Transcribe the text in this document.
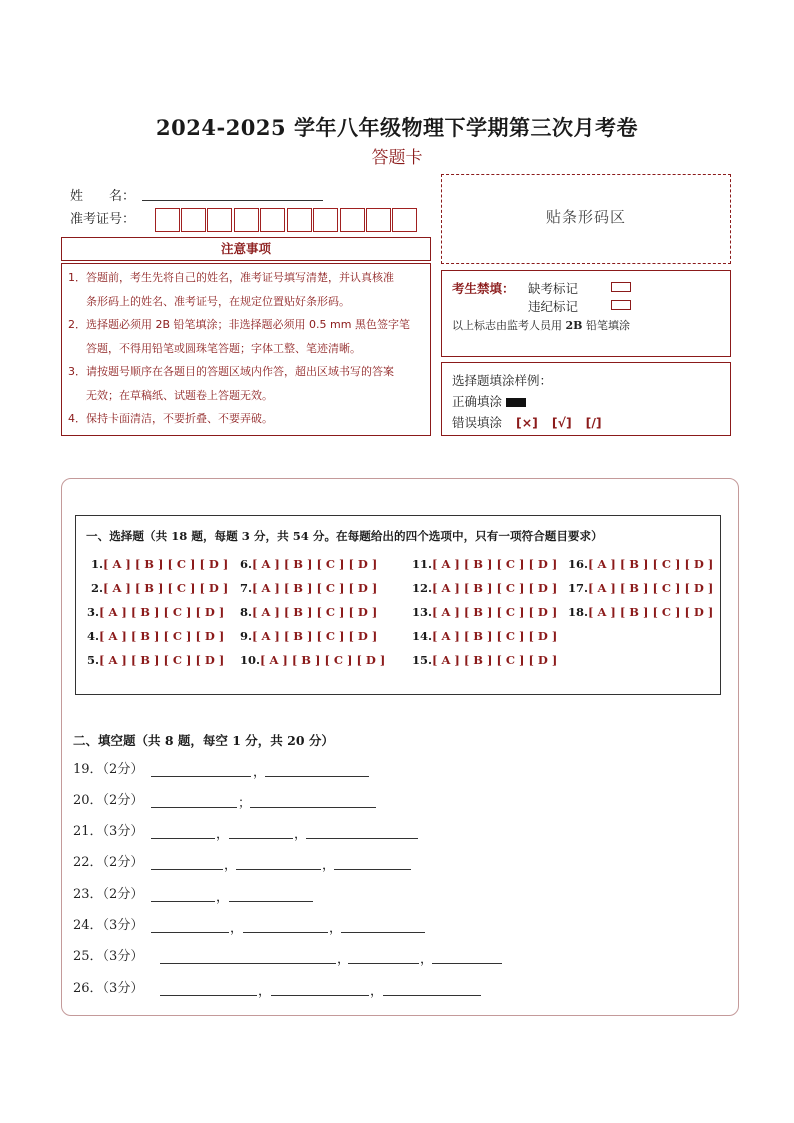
2024-2025 学年八年级物理下学期第三次月考卷
答题卡
姓　　名：
准考证号：	贴条形码区
注意事项
1．答题前，考生先将自己的姓名，准考证号填写清楚，并认真核准
条形码上的姓名、准考证号，在规定位置贴好条形码。
2．选择题必须用 2B 铅笔填涂；非选择题必须用 0.5 mm 黑色签字笔
答题，不得用铅笔或圆珠笔答题；字体工整、笔迹清晰。
3．请按题号顺序在各题目的答题区域内作答，超出区域书写的答案
无效；在草稿纸、试题卷上答题无效。
4．保持卡面清洁，不要折叠、不要弄破。
考生禁填： 缺考标记
违纪标记
以上标志由监考人员用 2B 铅笔填涂
选择题填涂样例：
正确填涂
错误填涂 [×] [√] [/]
一、选择题（共 18 题，每题 3 分，共 54 分。在每题给出的四个选项中，只有一项符合题目要求）
1.[ A ] [ B ] [ C ] [ D ]
2.[ A ] [ B ] [ C ] [ D ]
3.[ A ] [ B ] [ C ] [ D ]
4.[ A ] [ B ] [ C ] [ D ]
5.[ A ] [ B ] [ C ] [ D ]
6.[ A ] [ B ] [ C ] [ D ]
7.[ A ] [ B ] [ C ] [ D ]
8.[ A ] [ B ] [ C ] [ D ]
9.[ A ] [ B ] [ C ] [ D ]
10.[ A ] [ B ] [ C ] [ D ]
11.[ A ] [ B ] [ C ] [ D ]
12.[ A ] [ B ] [ C ] [ D ]
13.[ A ] [ B ] [ C ] [ D ]
14.[ A ] [ B ] [ C ] [ D ]
15.[ A ] [ B ] [ C ] [ D ]
16.[ A ] [ B ] [ C ] [ D ]
17.[ A ] [ B ] [ C ] [ D ]
18.[ A ] [ B ] [ C ] [ D ]
二、填空题（共 8 题，每空 1 分，共 20 分）
19．（2分）	，
20．（2分）	；
21．（3分）	，	，
22．（2分）	，	，
23．（2分）	，
24．（3分）	，	，
25．（3分）	，	，
26．（3分）	，	，
